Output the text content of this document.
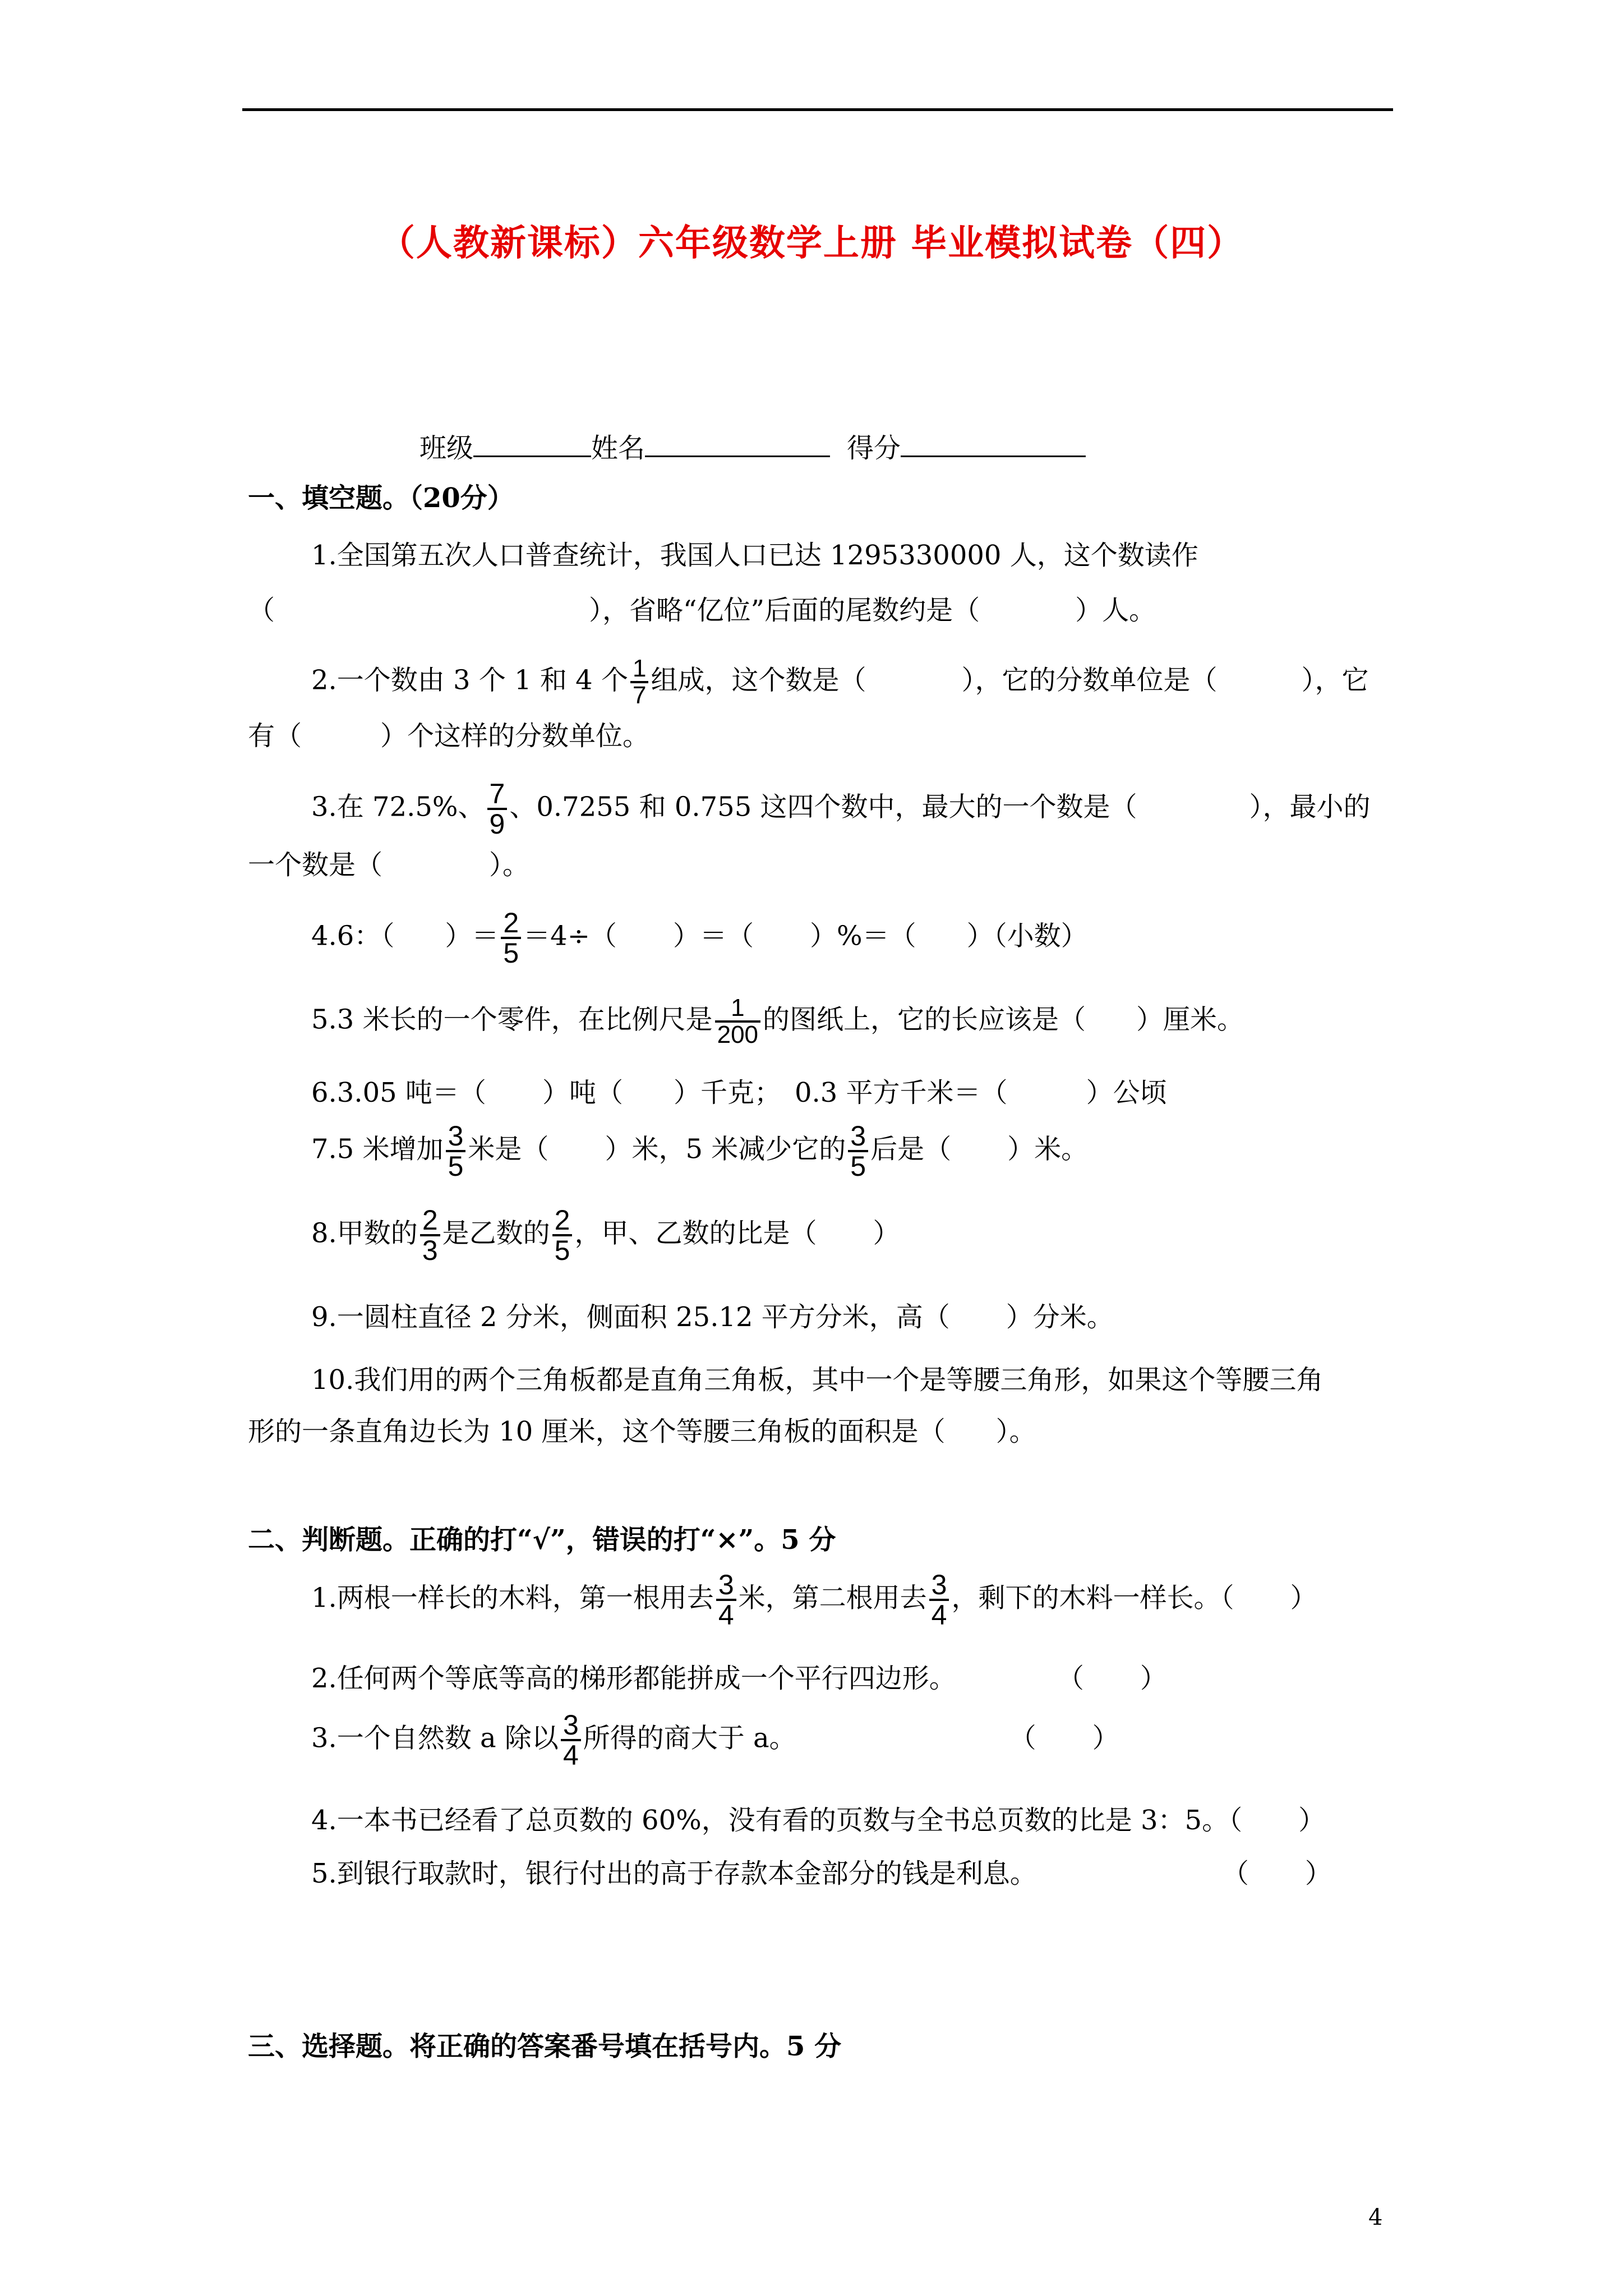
（人教新课标）六年级数学上册 毕业模拟试卷（四）
班级	姓名	得分
一、填空题。（20分）
1.全国第五次人口普查统计，我国人口已达 1295330000 人，这个数读作
（	），省略“亿位”后面的尾数约是（	）人。
2.一个数由 3 个 1 和 4 个 $\frac{1}{7}$ 组成，这个数是（	），它的分数单位是（	），它
有（	）个这样的分数单位。
3.在 72.5%、 $\frac{7}{9}$ 、0.7255 和 0.755 这四个数中，最大的一个数是（	），最小的
一个数是（	）。
4.6：（ ）＝ $\frac{2}{5} =4\div$（ ）＝（ ）%＝（ ）（小数）
5.3 米长的一个零件，在比例尺是 $\frac{1}{200}$ 的图纸上，它的长应该是（ ）厘米。
6.3.05 吨＝（ ）吨（ ）千克；　0.3 平方千米＝（	）公顷
7.5 米增加 $\frac{3}{5}$ 米是（ ）米，5 米减少它的 $\frac{3}{5}$ 后是（ ）米。
8.甲数的 $\frac{2}{3}$ 是乙数的 $\frac{2}{5}$ ，甲、乙数的比是（ ）
9.一圆柱直径 2 分米，侧面积 25.12 平方分米，高（ ）分米。
10.我们用的两个三角板都是直角三角板，其中一个是等腰三角形，如果这个等腰三角
形的一条直角边长为 10 厘米，这个等腰三角板的面积是（ ）。
二、判断题。正确的打“√”，错误的打“×”。5 分
1.两根一样长的木料，第一根用去 $\frac{3}{4}$ 米，第二根用去 $\frac{3}{4}$ ，剩下的木料一样长。（ ）
2.任何两个等底等高的梯形都能拼成一个平行四边形。	（ ）
3.一个自然数 a 除以 $\frac{3}{4}$ 所得的商大于 a。	（ ）
4.一本书已经看了总页数的 60%，没有看的页数与全书总页数的比是 3：5。（ ）
5.到银行取款时，银行付出的高于存款本金部分的钱是利息。	（ ）
三、选择题。将正确的答案番号填在括号内。5 分
4
